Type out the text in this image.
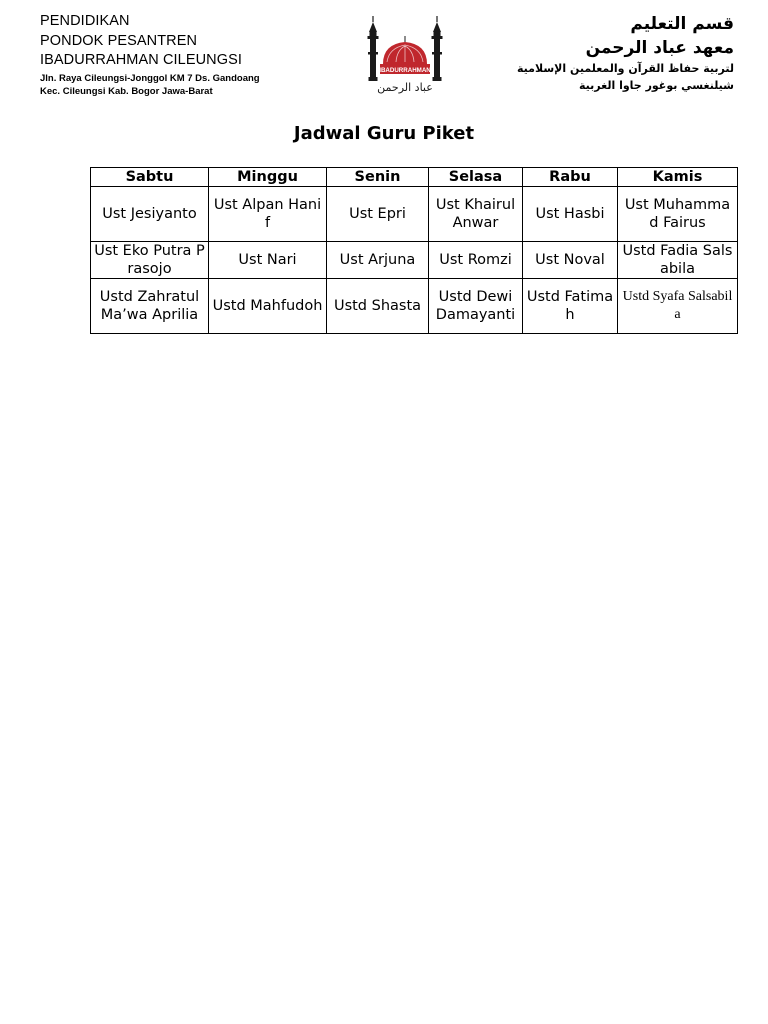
PENDIDIKAN
PONDOK PESANTREN
IBADURRAHMAN CILEUNGSI
Jln. Raya Cileungsi-Jonggol KM 7 Ds. Gandoang
Kec. Cileungsi Kab. Bogor Jawa-Barat
IBADURRAHMAN
عباد الرحمن
قسم التعليم
معهد عباد الرحمن
لتربية حفاظ القرآن والمعلمين الإسلامية
شيلنغسي بوغور جاوا الغربية
Jadwal Guru Piket
Sabtu	Minggu	Senin	Selasa	Rabu	Kamis
Ust Jesiyanto	Ust Alpan Hanif	Ust Epri	Ust Khairul Anwar	Ust Hasbi	Ust Muhammad Fairus
Ust Eko Putra Prasojo	Ust Nari	Ust Arjuna	Ust Romzi	Ust Noval	Ustd Fadia Salsabila
Ustd Zahratul Ma’wa Aprilia	Ustd Mahfudoh	Ustd Shasta	Ustd Dewi Damayanti	Ustd Fatimah	Ustd Syafa Salsabila
